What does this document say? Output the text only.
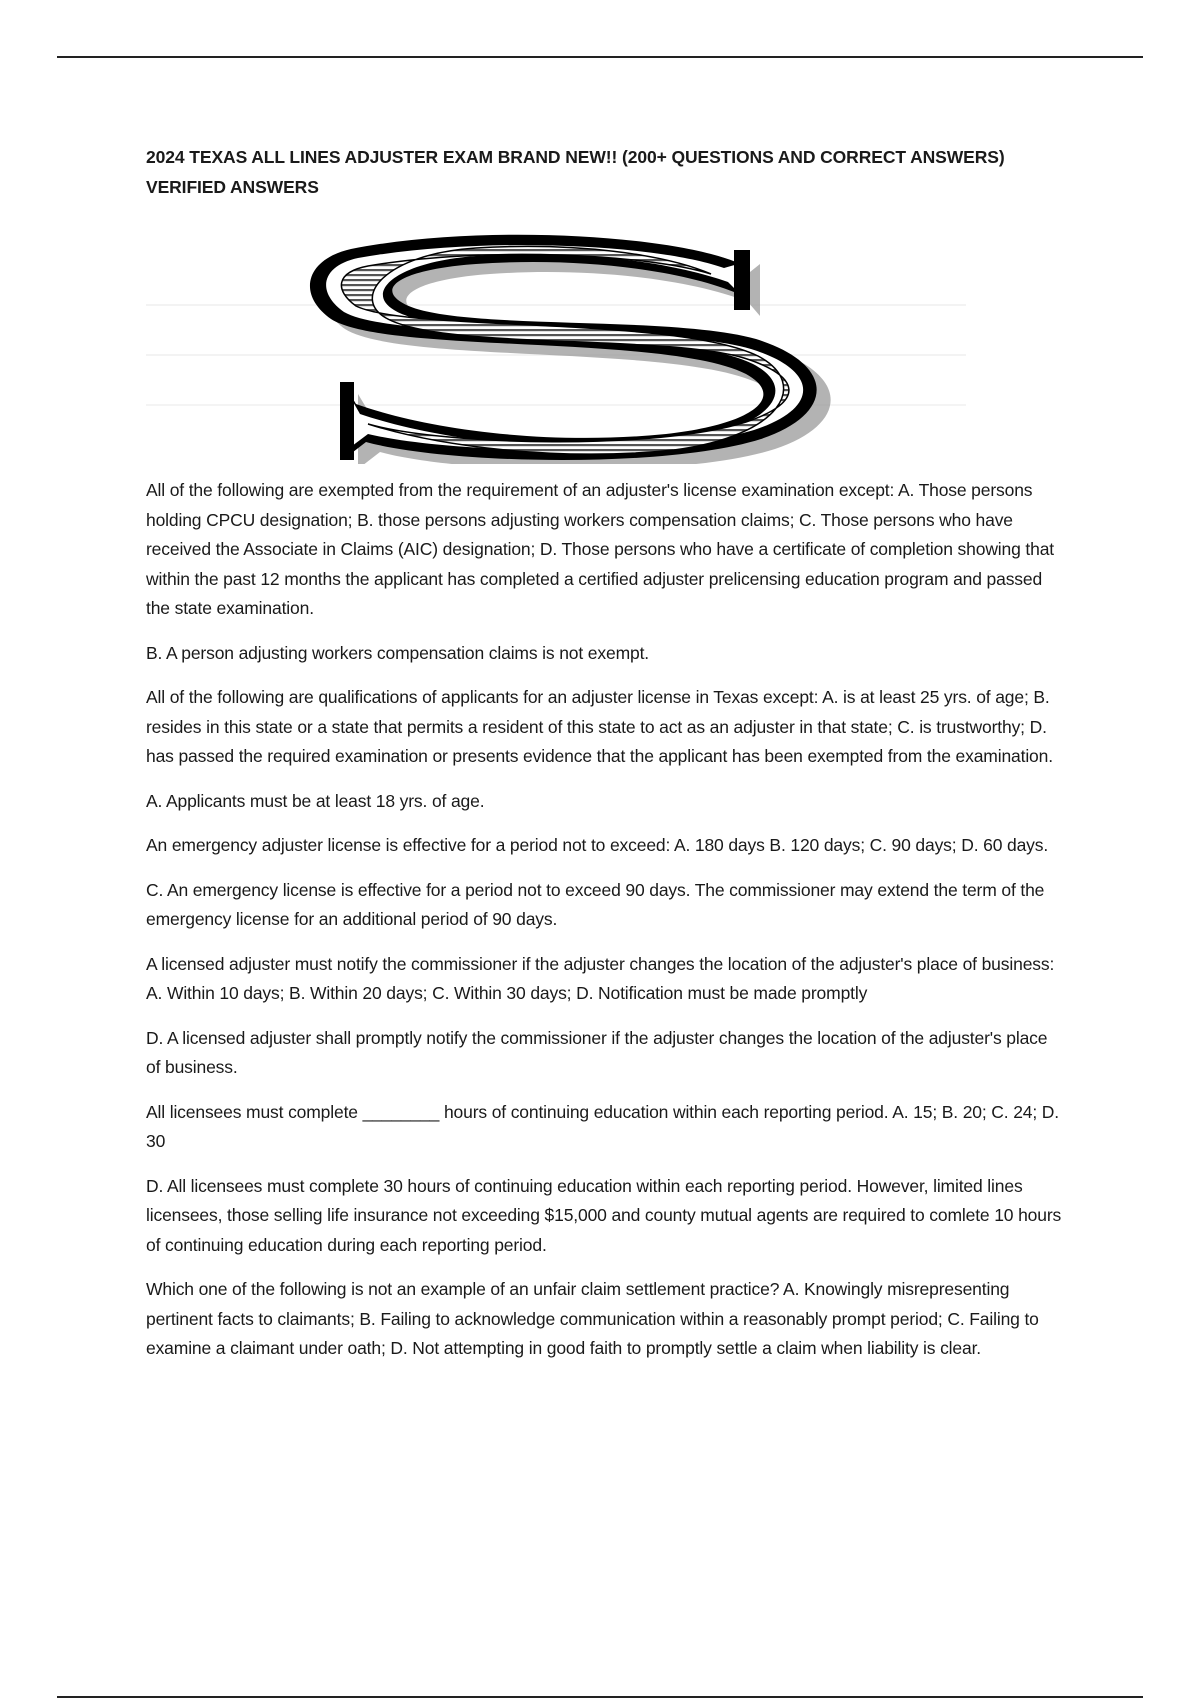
2024 TEXAS ALL LINES ADJUSTER EXAM BRAND NEW!! (200+ QUESTIONS AND CORRECT ANSWERS) VERIFIED ANSWERS

All of the following are exempted from the requirement of an adjuster's license examination except: A. Those persons holding CPCU designation; B. those persons adjusting workers compensation claims; C. Those persons who have received the Associate in Claims (AIC) designation; D. Those persons who have a certificate of completion showing that within the past 12 months the applicant has completed a certified adjuster prelicensing education program and passed the state examination.

B. A person adjusting workers compensation claims is not exempt.

All of the following are qualifications of applicants for an adjuster license in Texas except: A. is at least 25 yrs. of age; B. resides in this state or a state that permits a resident of this state to act as an adjuster in that state; C. is trustworthy; D. has passed the required examination or presents evidence that the applicant has been exempted from the examination.

A. Applicants must be at least 18 yrs. of age.

An emergency adjuster license is effective for a period not to exceed: A. 180 days B. 120 days; C. 90 days; D. 60 days.

C. An emergency license is effective for a period not to exceed 90 days. The commissioner may extend the term of the emergency license for an additional period of 90 days.

A licensed adjuster must notify the commissioner if the adjuster changes the location of the adjuster's place of business: A. Within 10 days; B. Within 20 days; C. Within 30 days; D. Notification must be made promptly

D. A licensed adjuster shall promptly notify the commissioner if the adjuster changes the location of the adjuster's place of business.

All licensees must complete ________ hours of continuing education within each reporting period. A. 15; B. 20; C. 24; D. 30

D. All licensees must complete 30 hours of continuing education within each reporting period. However, limited lines licensees, those selling life insurance not exceeding $15,000 and county mutual agents are required to comlete 10 hours of continuing education during each reporting period.

Which one of the following is not an example of an unfair claim settlement practice? A. Knowingly misrepresenting pertinent facts to claimants; B. Failing to acknowledge communication within a reasonably prompt period; C. Failing to examine a claimant under oath; D. Not attempting in good faith to promptly settle a claim when liability is clear.
